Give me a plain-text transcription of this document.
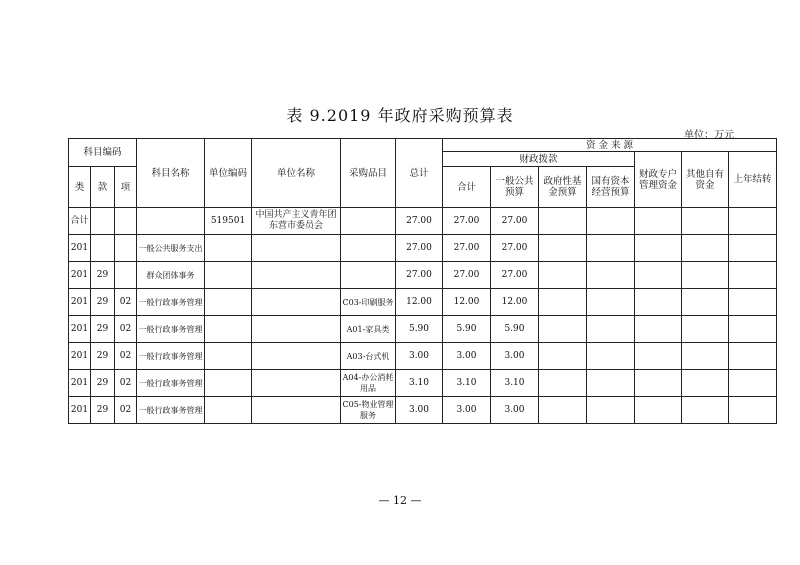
表 9.2019 年政府采购预算表
单位：万元
科目编码			科目名称	单位编码	单位名称	采购品目	总计	资 金 来 源						
								财政拨款				财政专户管理资金	其他自有资金	上年结转
类	款	项						合计	一般公共预算	政府性基金预算	国有资本经营预算			
合计				519501	中国共产主义青年团东营市委员会		27.00	27.00	27.00					
201			一般公共服务支出				27.00	27.00	27.00					
201	29		群众团体事务				27.00	27.00	27.00					
201	29	02	一般行政事务管理			C03-印刷服务	12.00	12.00	12.00					
201	29	02	一般行政事务管理			A01-家具类	5.90	5.90	5.90					
201	29	02	一般行政事务管理			A03-台式机	3.00	3.00	3.00					
201	29	02	一般行政事务管理			A04-办公消耗用品	3.10	3.10	3.10					
201	29	02	一般行政事务管理			C05-物业管理服务	3.00	3.00	3.00					
— 12 —
